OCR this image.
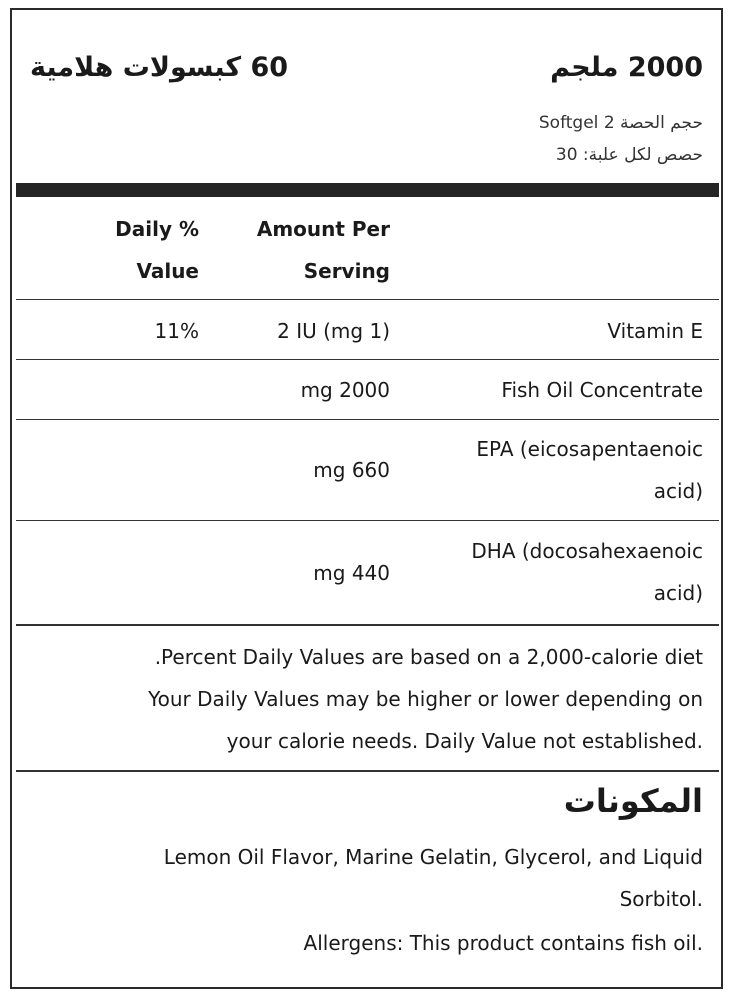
60 كبسولات هلامية	2000 ملجم
حجم الحصة 2 Softgel
حصص لكل علبة: 30
Daily %
Value
Amount Per
Serving
Vitamin E
2 IU (mg 1)
11%
Fish Oil Concentrate
mg 2000
EPA (eicosapentaenoic
acid)
mg 660
DHA (docosahexaenoic
acid)
mg 440
Percent Daily Values are based on a 2,000-calorie diet.
Your Daily Values may be higher or lower depending on
.your calorie needs. Daily Value not established
المكونات
Lemon Oil Flavor, Marine Gelatin, Glycerol, and Liquid
.Sorbitol
.Allergens: This product contains fish oil
